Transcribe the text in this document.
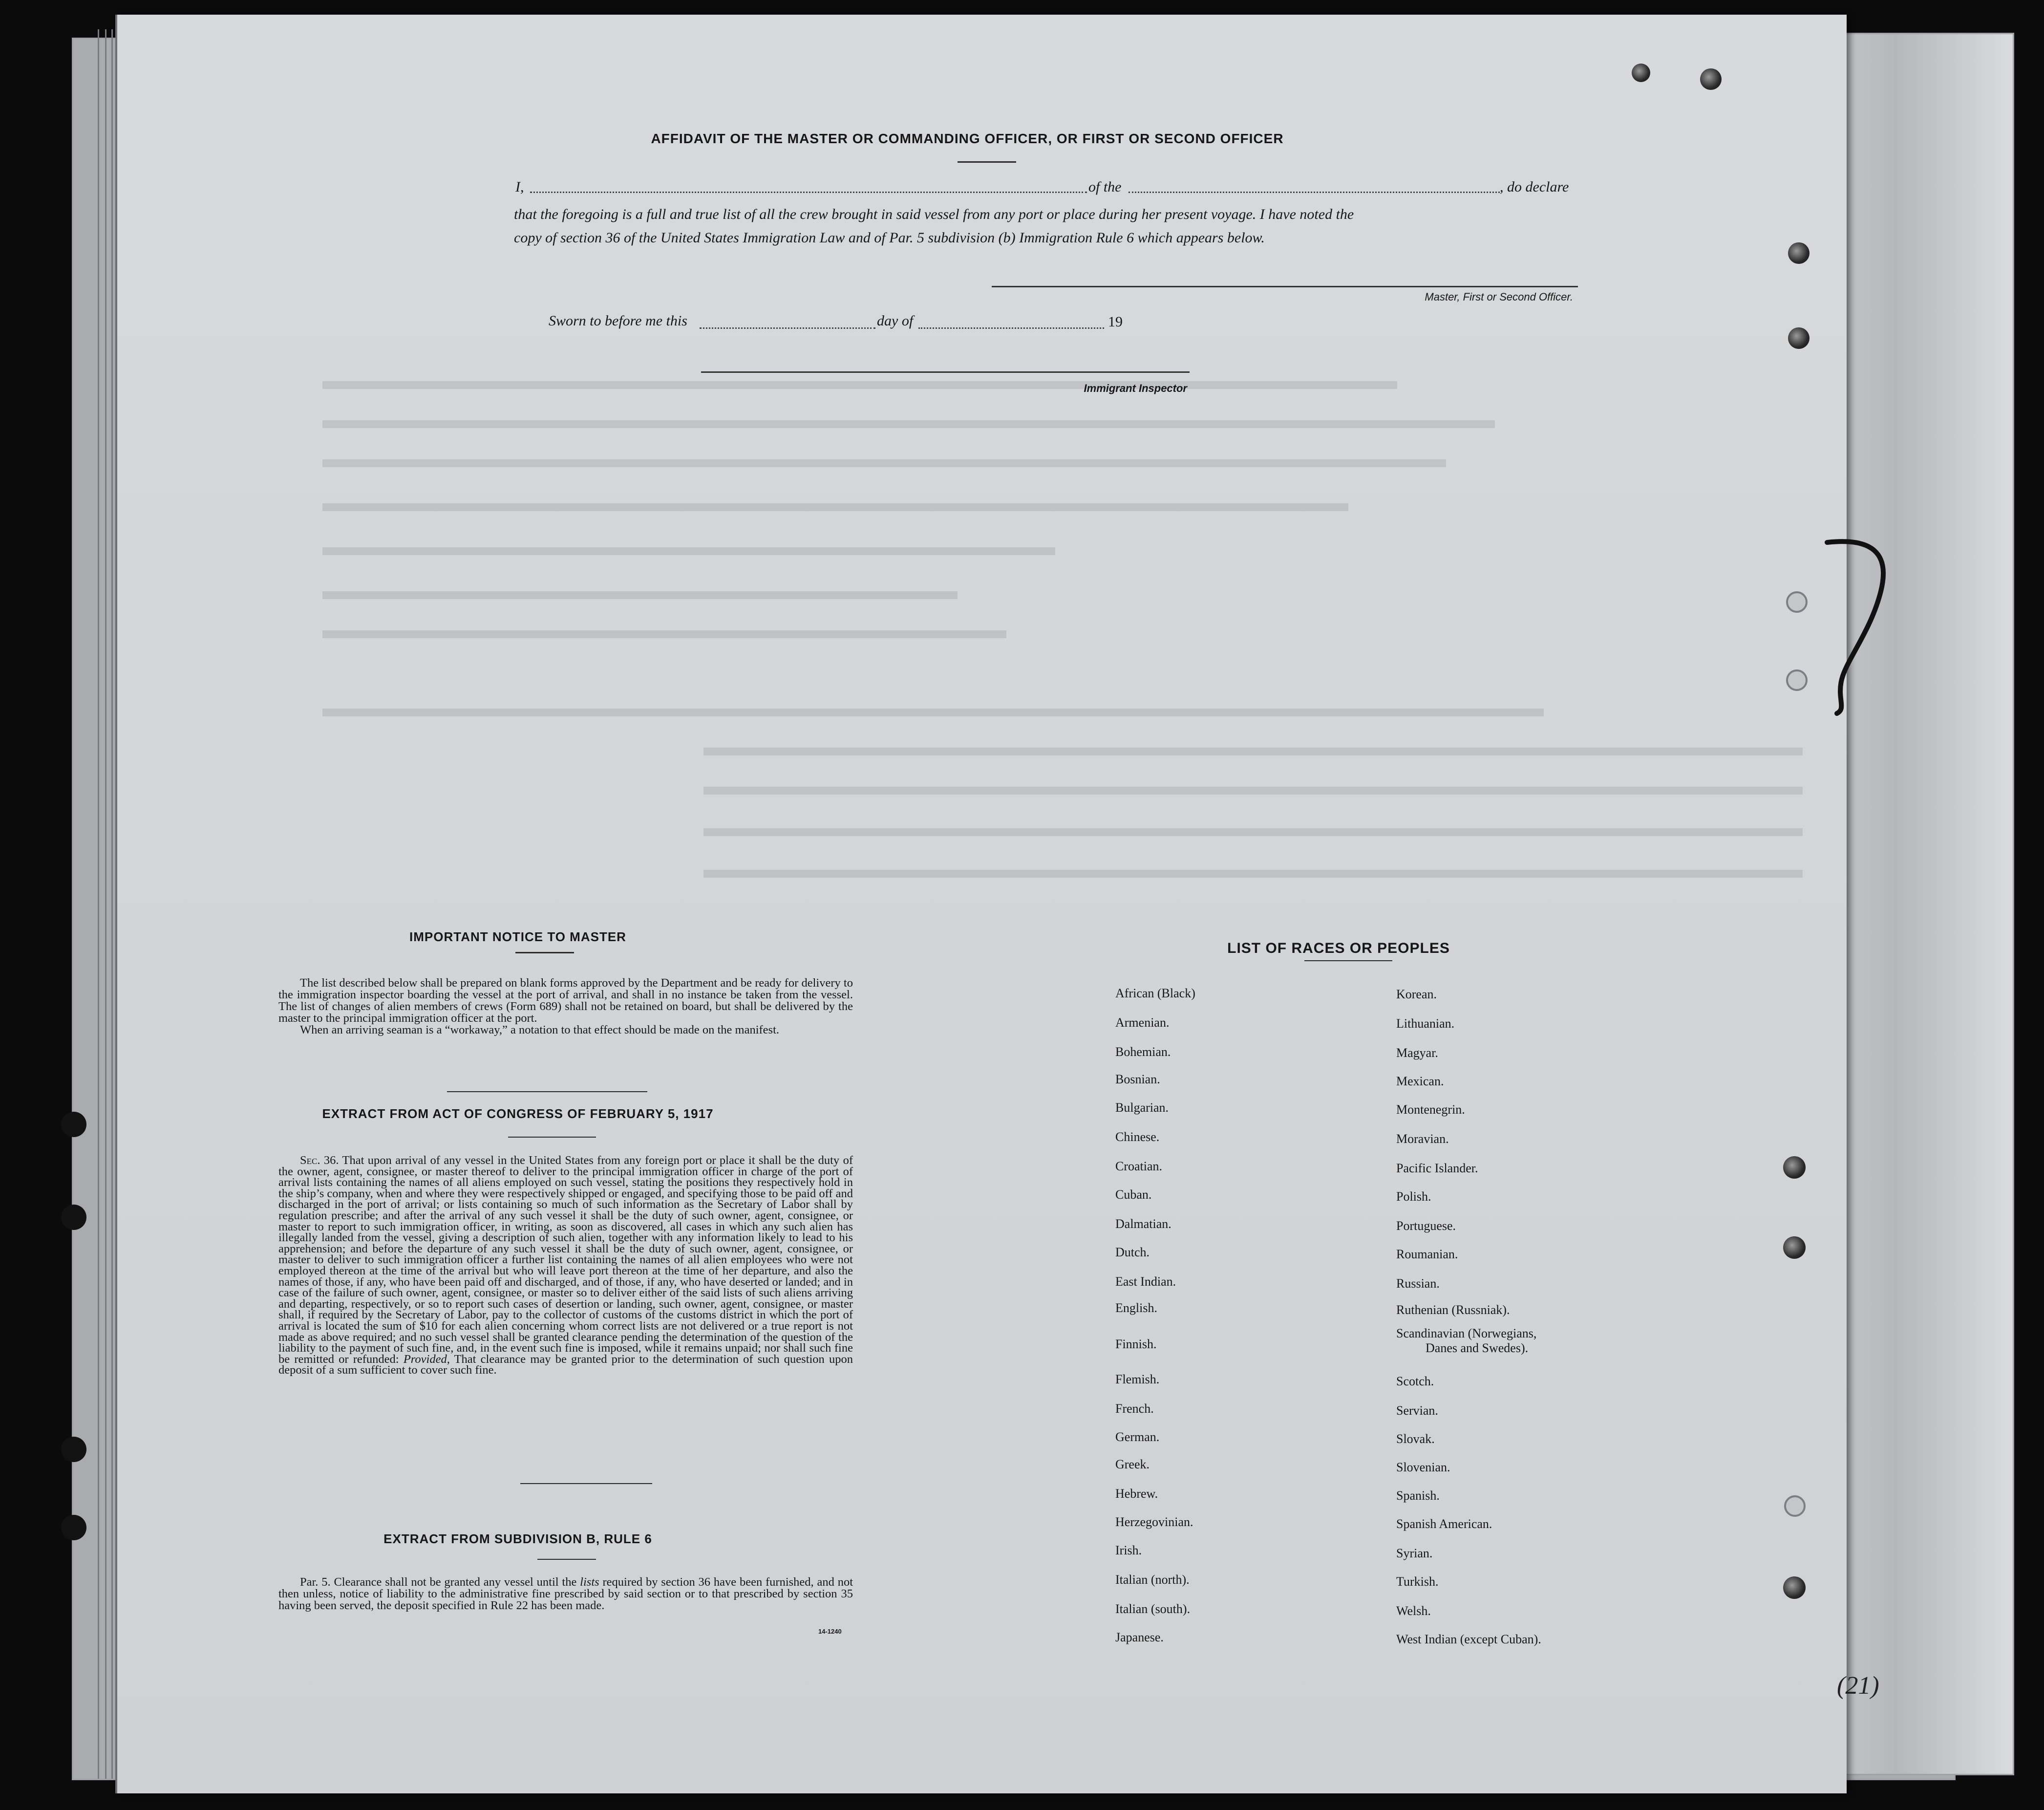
AFFIDAVIT OF THE MASTER OR COMMANDING OFFICER, OR FIRST OR SECOND OFFICER
I,	of the	, do declare
that the foregoing is a full and true list of all the crew brought in said vessel from any port or place during her present voyage. I have noted the
copy of section 36 of the United States Immigration Law and of Par. 5 subdivision (b) Immigration Rule 6 which appears below.
Master, First or Second Officer.
Sworn to before me this	day of	19
Immigrant Inspector
IMPORTANT NOTICE TO MASTER

The list described below shall be prepared on blank forms approved by the Department and be ready for delivery to the immigration inspector boarding the vessel at the port of arrival, and shall in no instance be taken from the vessel. The list of changes of alien members of crews (Form 689) shall not be retained on board, but shall be delivered by the master to the principal immigration officer at the port.

When an arriving seaman is a “workaway,” a notation to that effect should be made on the manifest.

EXTRACT FROM ACT OF CONGRESS OF FEBRUARY 5, 1917

Sec. 36. That upon arrival of any vessel in the United States from any foreign port or place it shall be the duty of the owner, agent, consignee, or master thereof to deliver to the principal immigration officer in charge of the port of arrival lists containing the names of all aliens employed on such vessel, stating the positions they respectively hold in the ship’s company, when and where they were respectively shipped or engaged, and specifying those to be paid off and discharged in the port of arrival; or lists containing so much of such information as the Secretary of Labor shall by regulation prescribe; and after the arrival of any such vessel it shall be the duty of such owner, agent, consignee, or master to report to such immigration officer, in writing, as soon as discovered, all cases in which any such alien has illegally landed from the vessel, giving a description of such alien, together with any information likely to lead to his apprehension; and before the departure of any such vessel it shall be the duty of such owner, agent, consignee, or master to deliver to such immigration officer a further list containing the names of all alien employees who were not employed thereon at the time of the arrival but who will leave port thereon at the time of her departure, and also the names of those, if any, who have been paid off and discharged, and of those, if any, who have deserted or landed; and in case of the failure of such owner, agent, consignee, or master so to deliver either of the said lists of such aliens arriving and departing, respectively, or so to report such cases of desertion or landing, such owner, agent, consignee, or master shall, if required by the Secretary of Labor, pay to the collector of customs of the customs district in which the port of arrival is located the sum of $10 for each alien concerning whom correct lists are not delivered or a true report is not made as above required; and no such vessel shall be granted clearance pending the determination of the question of the liability to the payment of such fine, and, in the event such fine is imposed, while it remains unpaid; nor shall such fine be remitted or refunded: Provided, That clearance may be granted prior to the determination of such question upon deposit of a sum sufficient to cover such fine.

EXTRACT FROM SUBDIVISION B, RULE 6

Par. 5. Clearance shall not be granted any vessel until the lists required by section 36 have been furnished, and not then unless, notice of liability to the administrative fine prescribed by said section or to that prescribed by section 35 having been served, the deposit specified in Rule 22 has been made.

14-1240
LIST OF RACES OR PEOPLES
(21)
African (Black)
Armenian.
Bohemian.
Bosnian.
Bulgarian.
Chinese.
Croatian.
Cuban.
Dalmatian.
Dutch.
East Indian.
English.
Finnish.
Flemish.
French.
German.
Greek.
Hebrew.
Herzegovinian.
Irish.
Italian (north).
Italian (south).
Japanese.
Korean.
Lithuanian.
Magyar.
Mexican.
Montenegrin.
Moravian.
Pacific Islander.
Polish.
Portuguese.
Roumanian.
Russian.
Ruthenian (Russniak).
Scandinavian (Norwegians,
Danes and Swedes).
Scotch.
Servian.
Slovak.
Slovenian.
Spanish.
Spanish American.
Syrian.
Turkish.
Welsh.
West Indian (except Cuban).
